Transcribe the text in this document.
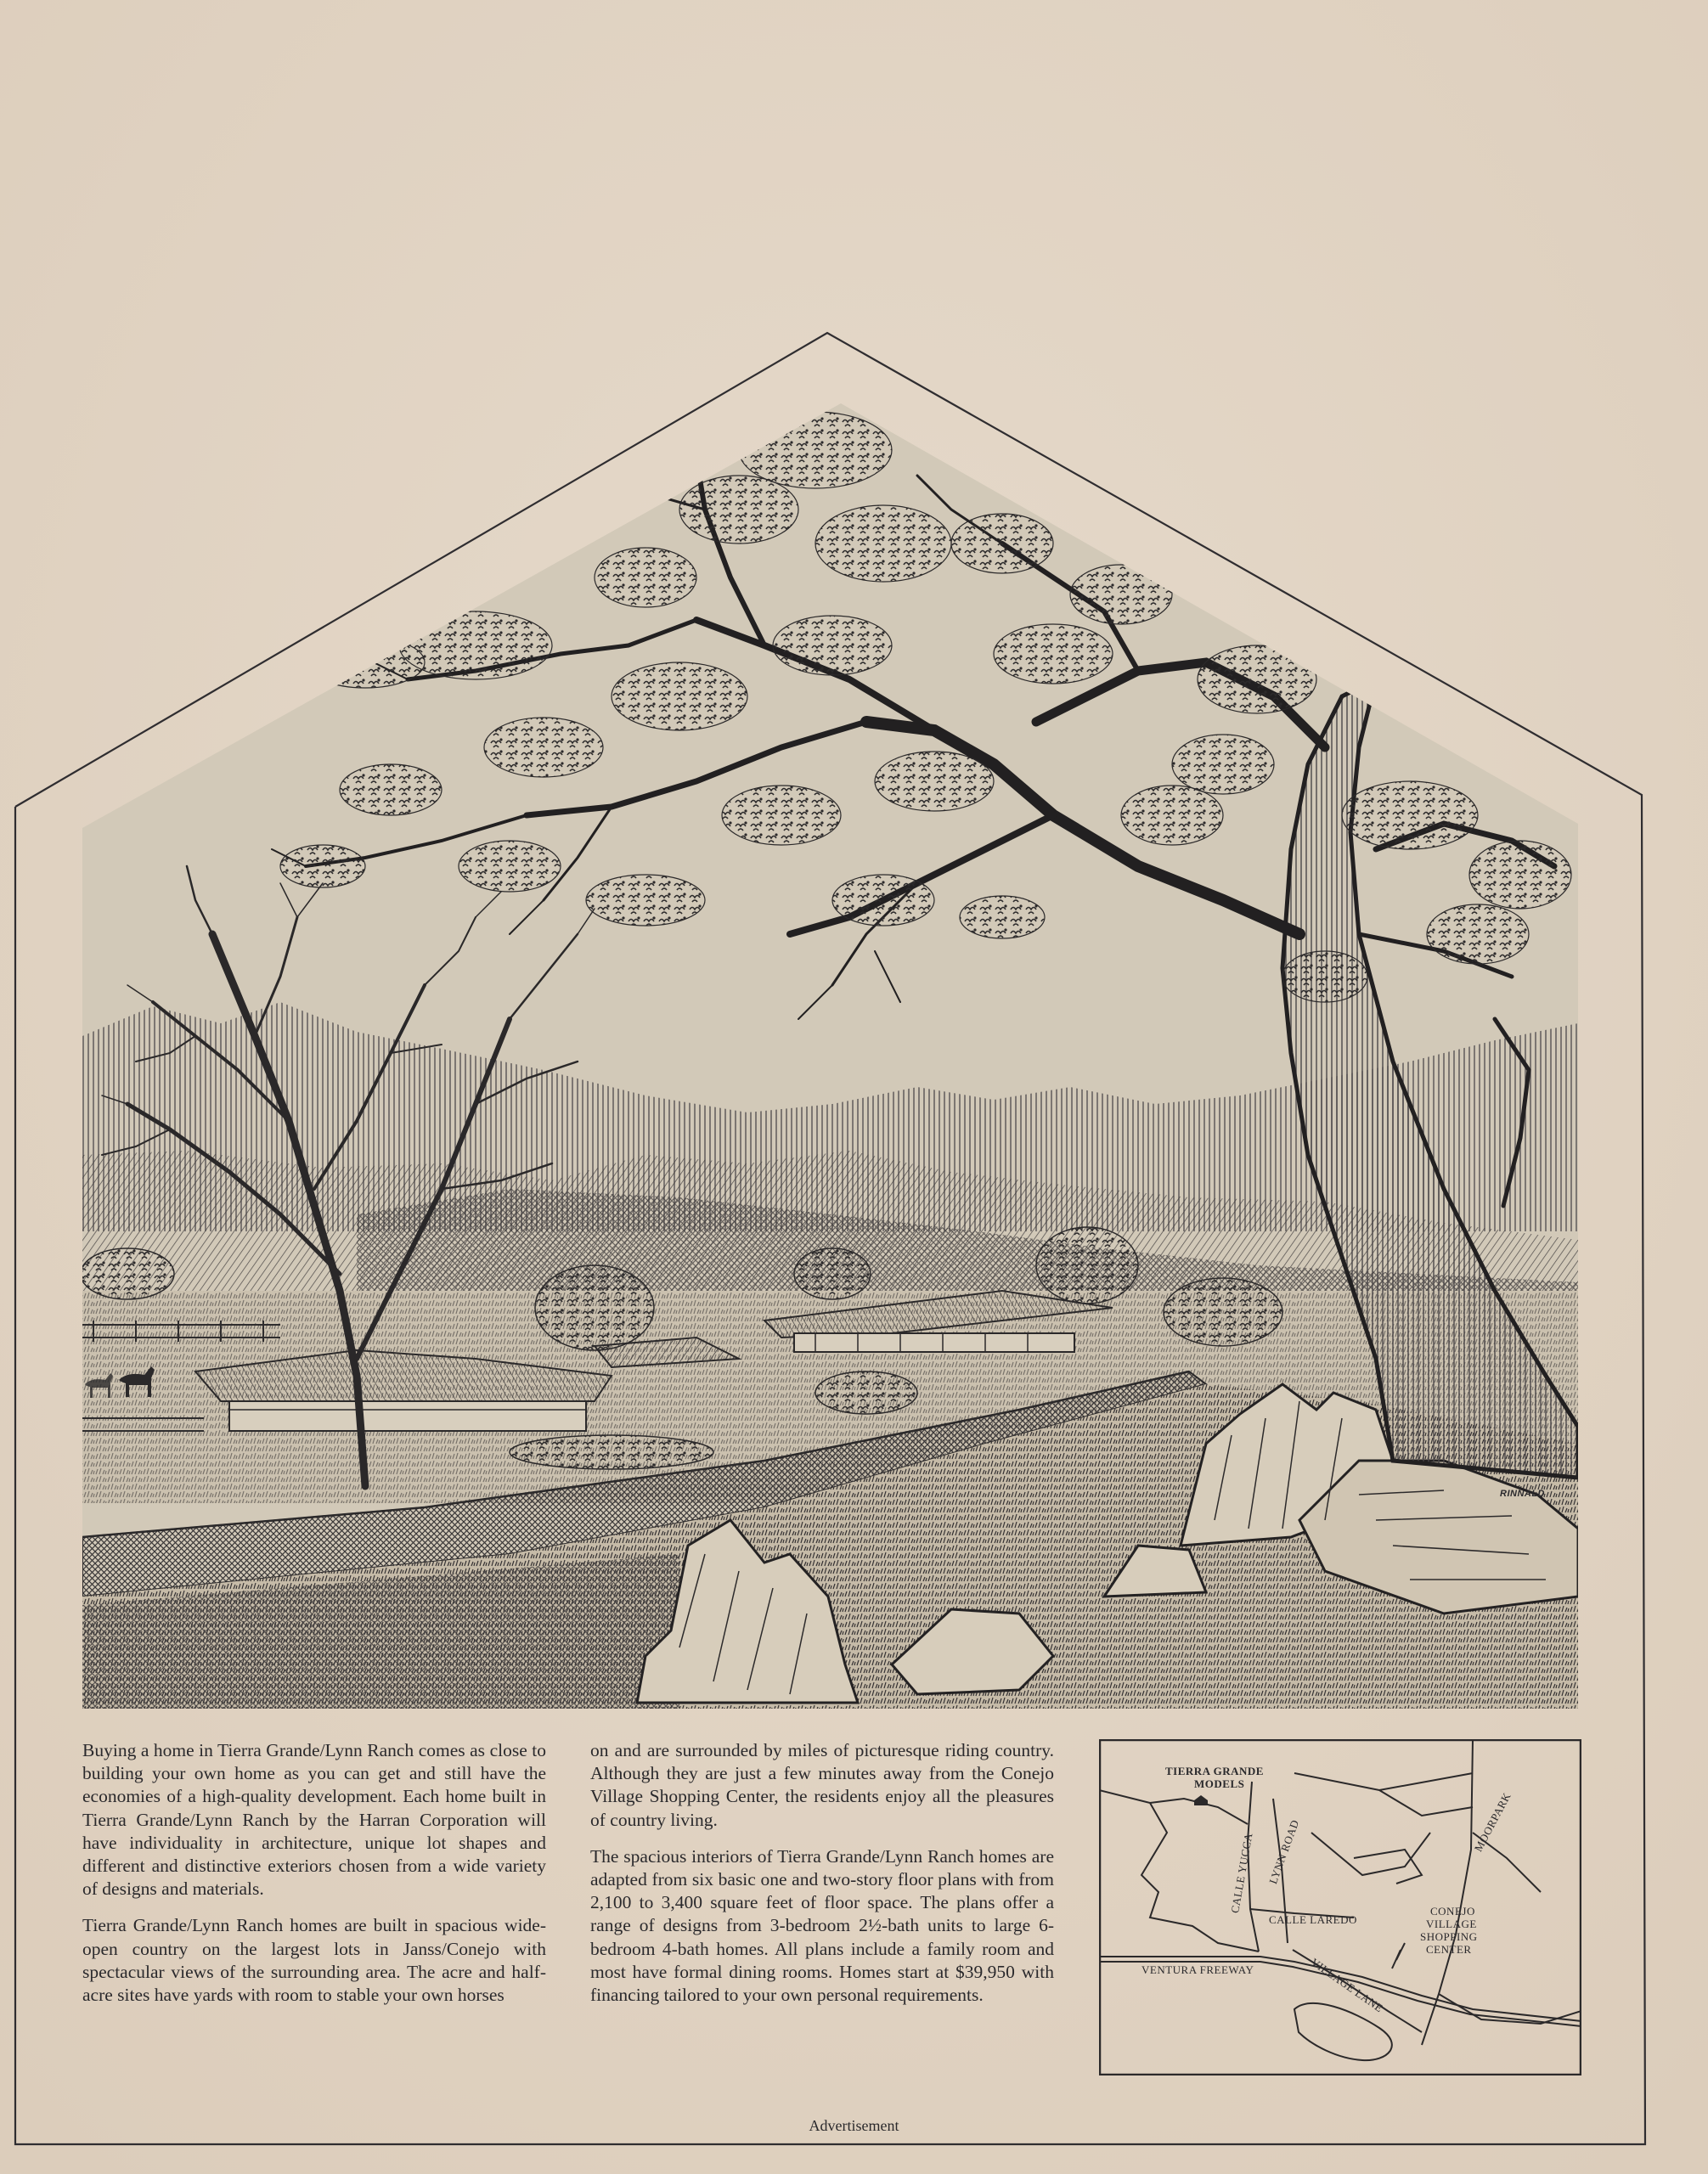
RINNALD

Buying a home in Tierra Grande/Lynn Ranch comes as close to building your own home as you can get and still have the economies of a high-quality development. Each home built in Tierra Grande/Lynn Ranch by the Harran Corporation will have individuality in architecture, unique lot shapes and different and distinctive exteriors chosen from a wide variety of designs and materials.

Tierra Grande/Lynn Ranch homes are built in spacious wide-open country on the largest lots in Janss/Conejo with spectacular views of the surrounding area. The acre and half-acre sites have yards with room to stable your own horses

on and are surrounded by miles of picturesque riding country. Although they are just a few minutes away from the Conejo Village Shopping Center, the residents enjoy all the pleasures of country living.

The spacious interiors of Tierra Grande/Lynn Ranch homes are adapted from six basic one and two-story floor plans with from 2,100 to 3,400 square feet of floor space. The plans offer a range of designs from 3-bedroom 2½-bath units to large 6-bedroom 4-bath homes. All plans include a family room and most have formal dining rooms. Homes start at $39,950 with financing tailored to your own personal requirements.

TIERRA GRANDE
MODELS
CALLE YUCCA LYNN ROAD
CALLE LAREDO
MOORPARK
CONEJO
VILLAGE
SHOPPING
CENTER
VENTURA FREEWAY	VILLAGE LANE
Advertisement
